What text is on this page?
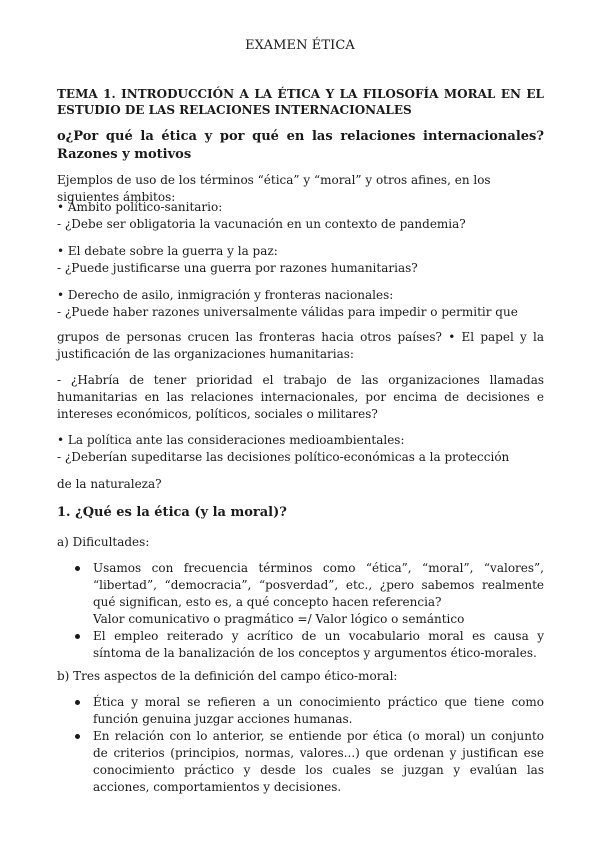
EXAMEN ÉTICA
TEMA 1. INTRODUCCIÓN A LA ÉTICA Y LA FILOSOFÍA MORAL EN EL ESTUDIO DE LAS RELACIONES INTERNACIONALES
o¿Por qué la ética y por qué en las relaciones internacionales? Razones y motivos
Ejemplos de uso de los términos “ética” y “moral” y otros afines, en los siguientes ámbitos:
• Ámbito político-sanitario:
- ¿Debe ser obligatoria la vacunación en un contexto de pandemia?
• El debate sobre la guerra y la paz:
- ¿Puede justificarse una guerra por razones humanitarias?
• Derecho de asilo, inmigración y fronteras nacionales:
- ¿Puede haber razones universalmente válidas para impedir o permitir que
grupos de personas crucen las fronteras hacia otros países? • El papel y la justificación de las organizaciones humanitarias:
- ¿Habría de tener prioridad el trabajo de las organizaciones llamadas humanitarias en las relaciones internacionales, por encima de decisiones e intereses económicos, políticos, sociales o militares?
• La política ante las consideraciones medioambientales:
- ¿Deberían supeditarse las decisiones político-económicas a la protección
de la naturaleza?
1. ¿Qué es la ética (y la moral)?
a) Dificultades:
Usamos con frecuencia términos como “ética”, “moral”, “valores”, “libertad”, “democracia”, “posverdad”, etc., ¿pero sabemos realmente qué significan, esto es, a qué concepto hacen referencia?
Valor comunicativo o pragmático =/ Valor lógico o semántico
El empleo reiterado y acrítico de un vocabulario moral es causa y síntoma de la banalización de los conceptos y argumentos ético-morales.
b) Tres aspectos de la definición del campo ético-moral:
Ética y moral se refieren a un conocimiento práctico que tiene como función genuina juzgar acciones humanas.
En relación con lo anterior, se entiende por ética (o moral) un conjunto de criterios (principios, normas, valores...) que ordenan y justifican ese conocimiento práctico y desde los cuales se juzgan y evalúan las acciones, comportamientos y decisiones.
